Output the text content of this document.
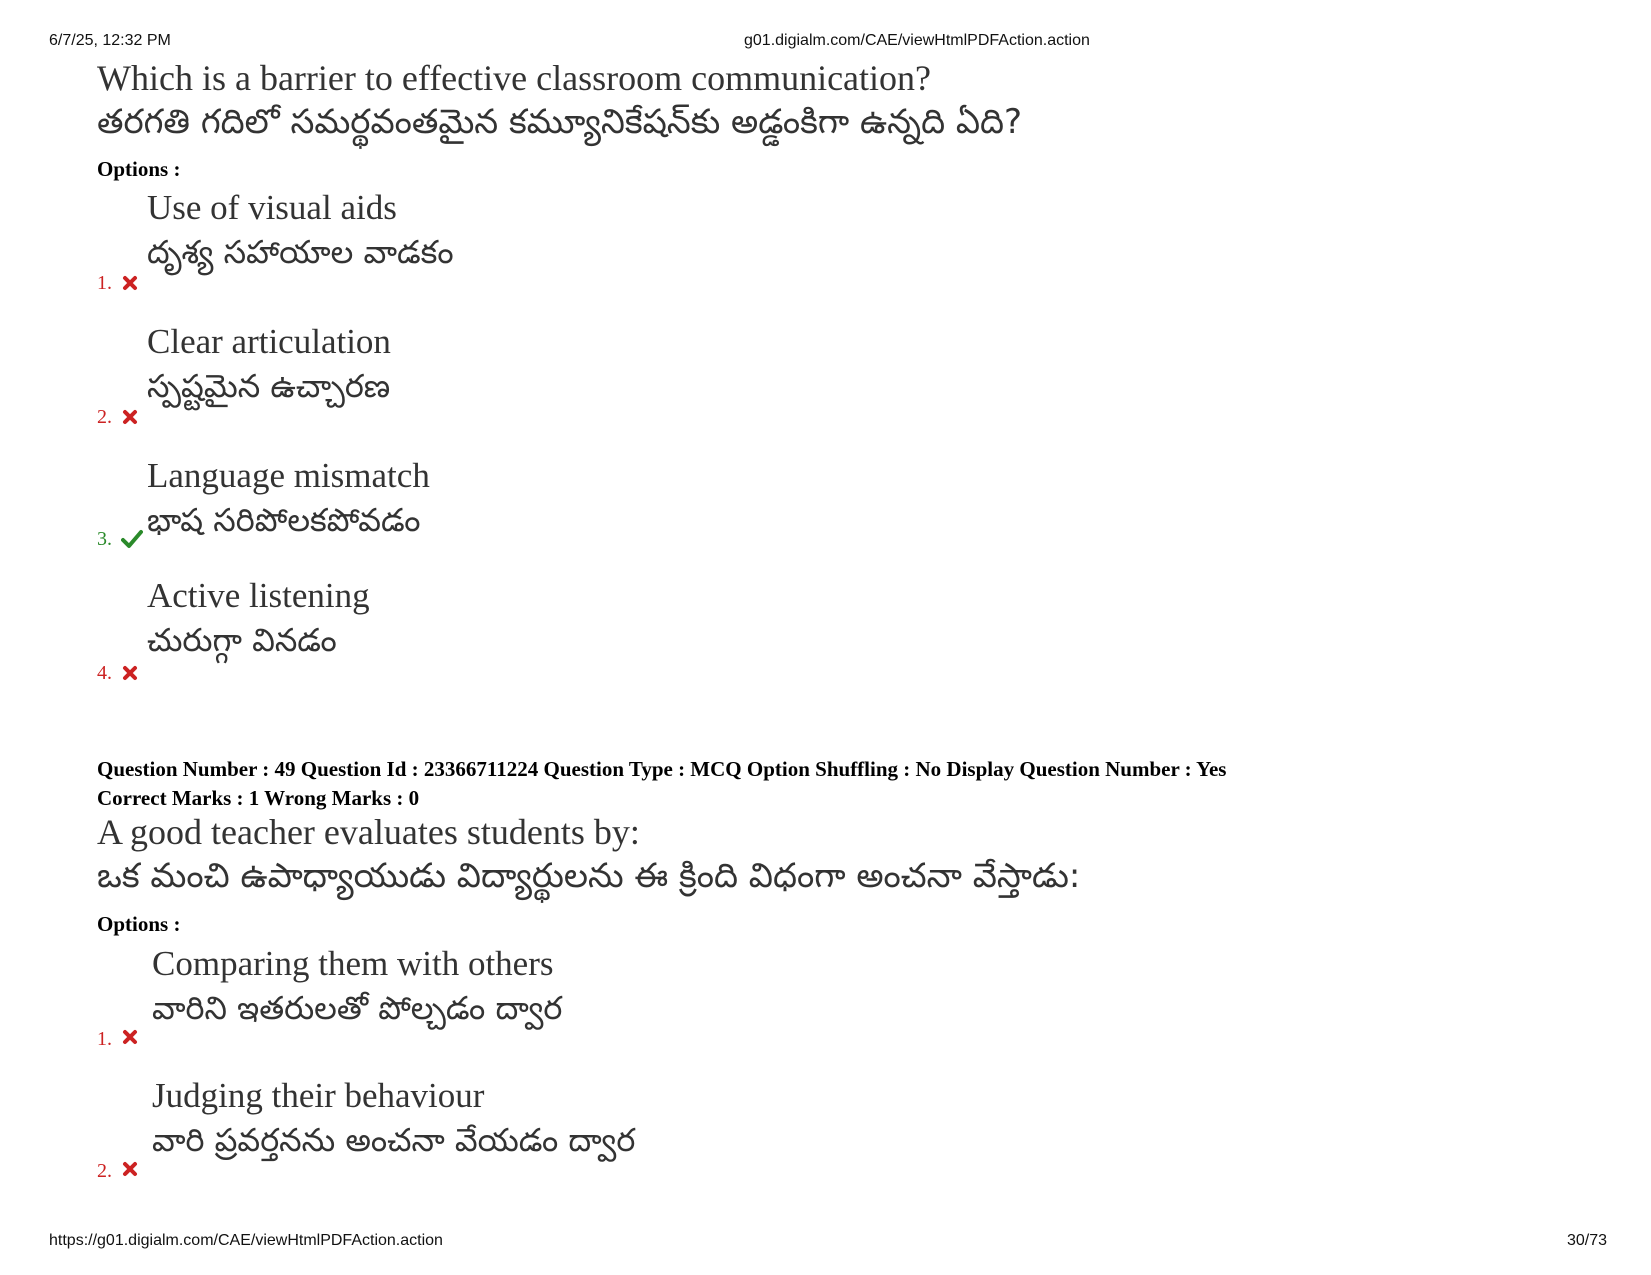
6/7/25, 12:32 PM	g01.digialm.com/CAE/viewHtmlPDFAction.action
Which is a barrier to effective classroom communication?
తరగతి గదిలో సమర్థవంతమైన కమ్యూనికేషన్‌కు అడ్డంకిగా ఉన్నది ఏది?
Options :
Use of visual aids
దృశ్య సహాయాల వాడకం
1.
Clear articulation
స్పష్టమైన ఉచ్చారణ
2.
Language mismatch
భాష సరిపోలకపోవడం
3.
Active listening
చురుగ్గా వినడం
4.
Question Number : 49 Question Id : 23366711224 Question Type : MCQ Option Shuffling : No Display Question Number : Yes
Correct Marks : 1 Wrong Marks : 0
A good teacher evaluates students by:
ఒక మంచి ఉపాధ్యాయుడు విద్యార్థులను ఈ క్రింది విధంగా అంచనా వేస్తాడు:
Options :
Comparing them with others
వారిని ఇతరులతో పోల్చడం ద్వార
1.
Judging their behaviour
వారి ప్రవర్తనను అంచనా వేయడం ద్వార
2.
https://g01.digialm.com/CAE/viewHtmlPDFAction.action	30/73
